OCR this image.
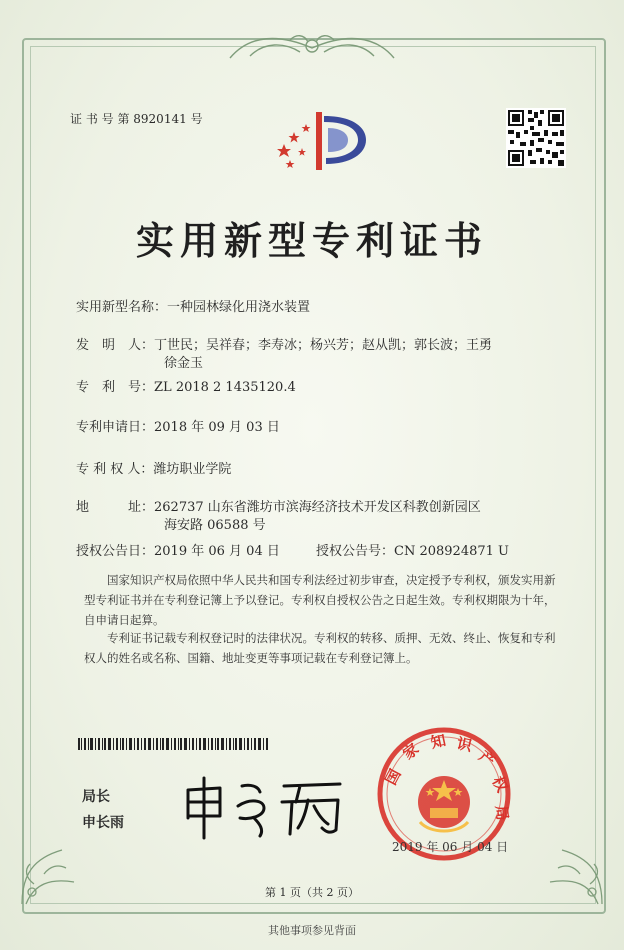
证 书 号 第 8920141 号
实用新型专利证书
实用新型名称：一种园林绿化用浇水装置
发　明　人：丁世民；吴祥春；李寿冰；杨兴芳；赵从凯；郭长波；王勇
徐金玉
专　利　号：ZL 2018 2 1435120.4
专利申请日：2018 年 09 月 03 日
专 利 权 人：潍坊职业学院
地　　　址：262737 山东省潍坊市滨海经济技术开发区科教创新园区
海安路 06588 号
授权公告日：2019 年 06 月 04 日	授权公告号：CN 208924871 U
国家知识产权局依照中华人民共和国专利法经过初步审查，决定授予专利权，颁发实用新型专利证书并在专利登记簿上予以登记。专利权自授权公告之日起生效。专利权期限为十年，自申请日起算。
专利证书记载专利权登记时的法律状况。专利权的转移、质押、无效、终止、恢复和专利权人的姓名或名称、国籍、地址变更等事项记载在专利登记簿上。
局长
申长雨
国
家 知 识
产
权
局
2019 年 06 月 04 日
第 1 页（共 2 页）
其他事项参见背面
